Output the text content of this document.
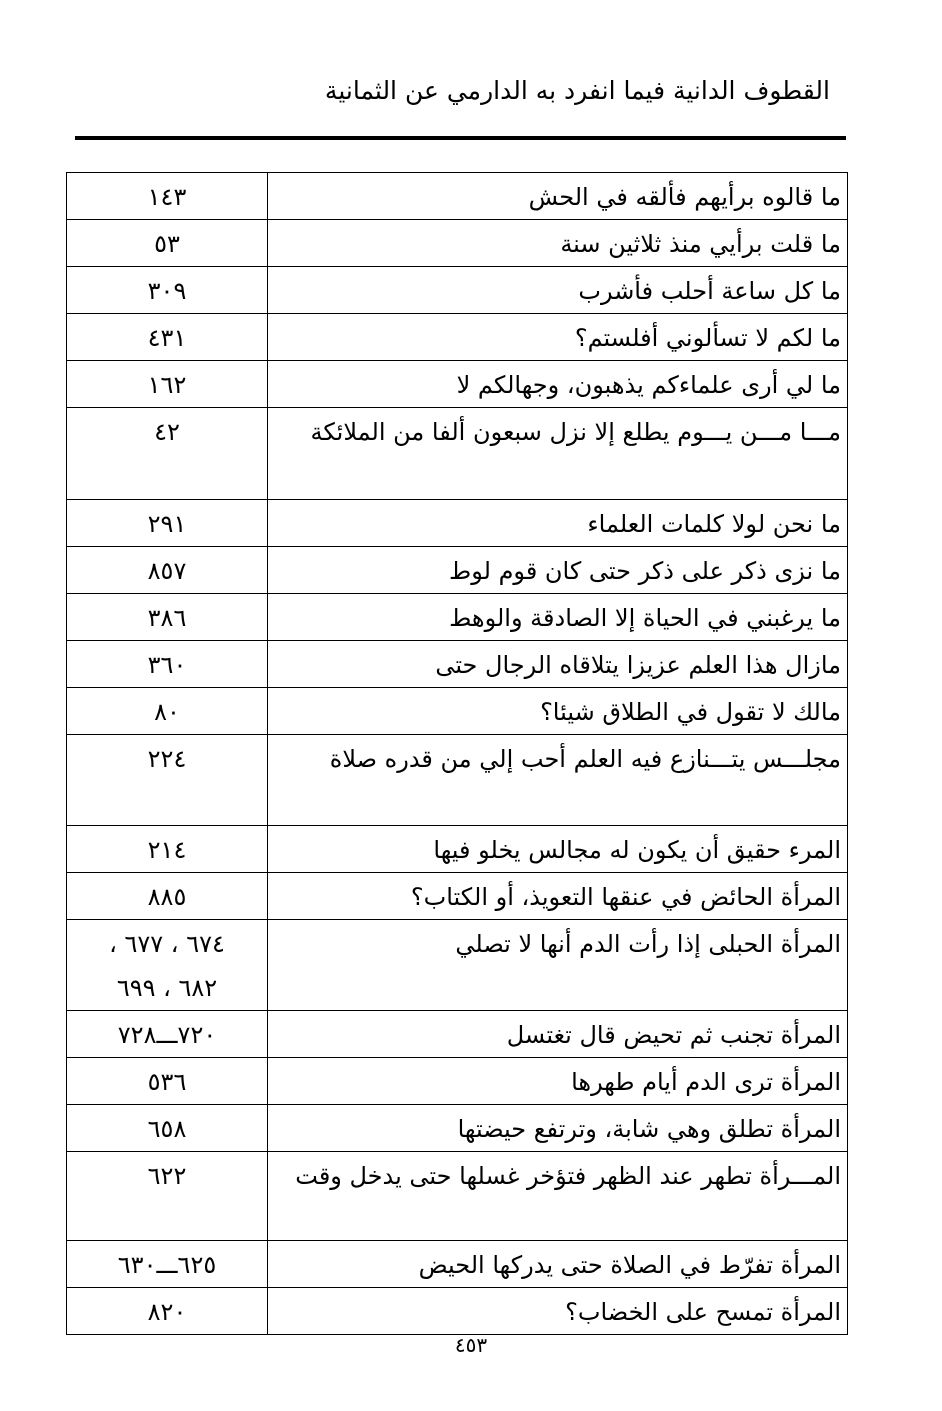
القطوف الدانية فيما انفرد به الدارمي عن الثمانية
ما قالوه برأيهم فألقه في الحش	١٤٣

ما قلت برأيي منذ ثلاثين سنة	٥٣

ما كل ساعة أحلب فأشرب	٣٠٩

ما لكم لا تسألوني أفلستم؟	٤٣١

ما لي أرى علماءكم يذهبون، وجهالكم لا	١٦٢

مـــا مـــن يـــوم يطلع إلا نزل سبعون ألفا من الملائكة	٤٢

ما نحن لولا كلمات العلماء	٢٩١

ما نزى ذكر على ذكر حتى كان قوم لوط	٨٥٧

ما يرغبني في الحياة إلا الصادقة والوهط	٣٨٦

مازال هذا العلم عزيزا يتلاقاه الرجال حتى	٣٦٠

مالك لا تقول في الطلاق شيئا؟	٨٠

مجلـــس يتـــنازع فيه العلم أحب إلي من قدره صلاة	٢٢٤

المرء حقيق أن يكون له مجالس يخلو فيها	٢١٤

المرأة الحائض في عنقها التعويذ، أو الكتاب؟	٨٨٥

المرأة الحبلى إذا رأت الدم أنها لا تصلي	٦٧٤ ، ٦٧٧ ،
٦٨٢ ، ٦٩٩

المرأة تجنب ثم تحيض قال تغتسل	٧٢٠ـــ٧٢٨

المرأة ترى الدم أيام طهرها	٥٣٦

المرأة تطلق وهي شابة، وترتفع حيضتها	٦٥٨

المـــرأة تطهر عند الظهر فتؤخر غسلها حتى يدخل وقت	٦٢٢

المرأة تفرّط في الصلاة حتى يدركها الحيض	٦٢٥ـــ٦٣٠

المرأة تمسح على الخضاب؟	٨٢٠
٤٥٣
